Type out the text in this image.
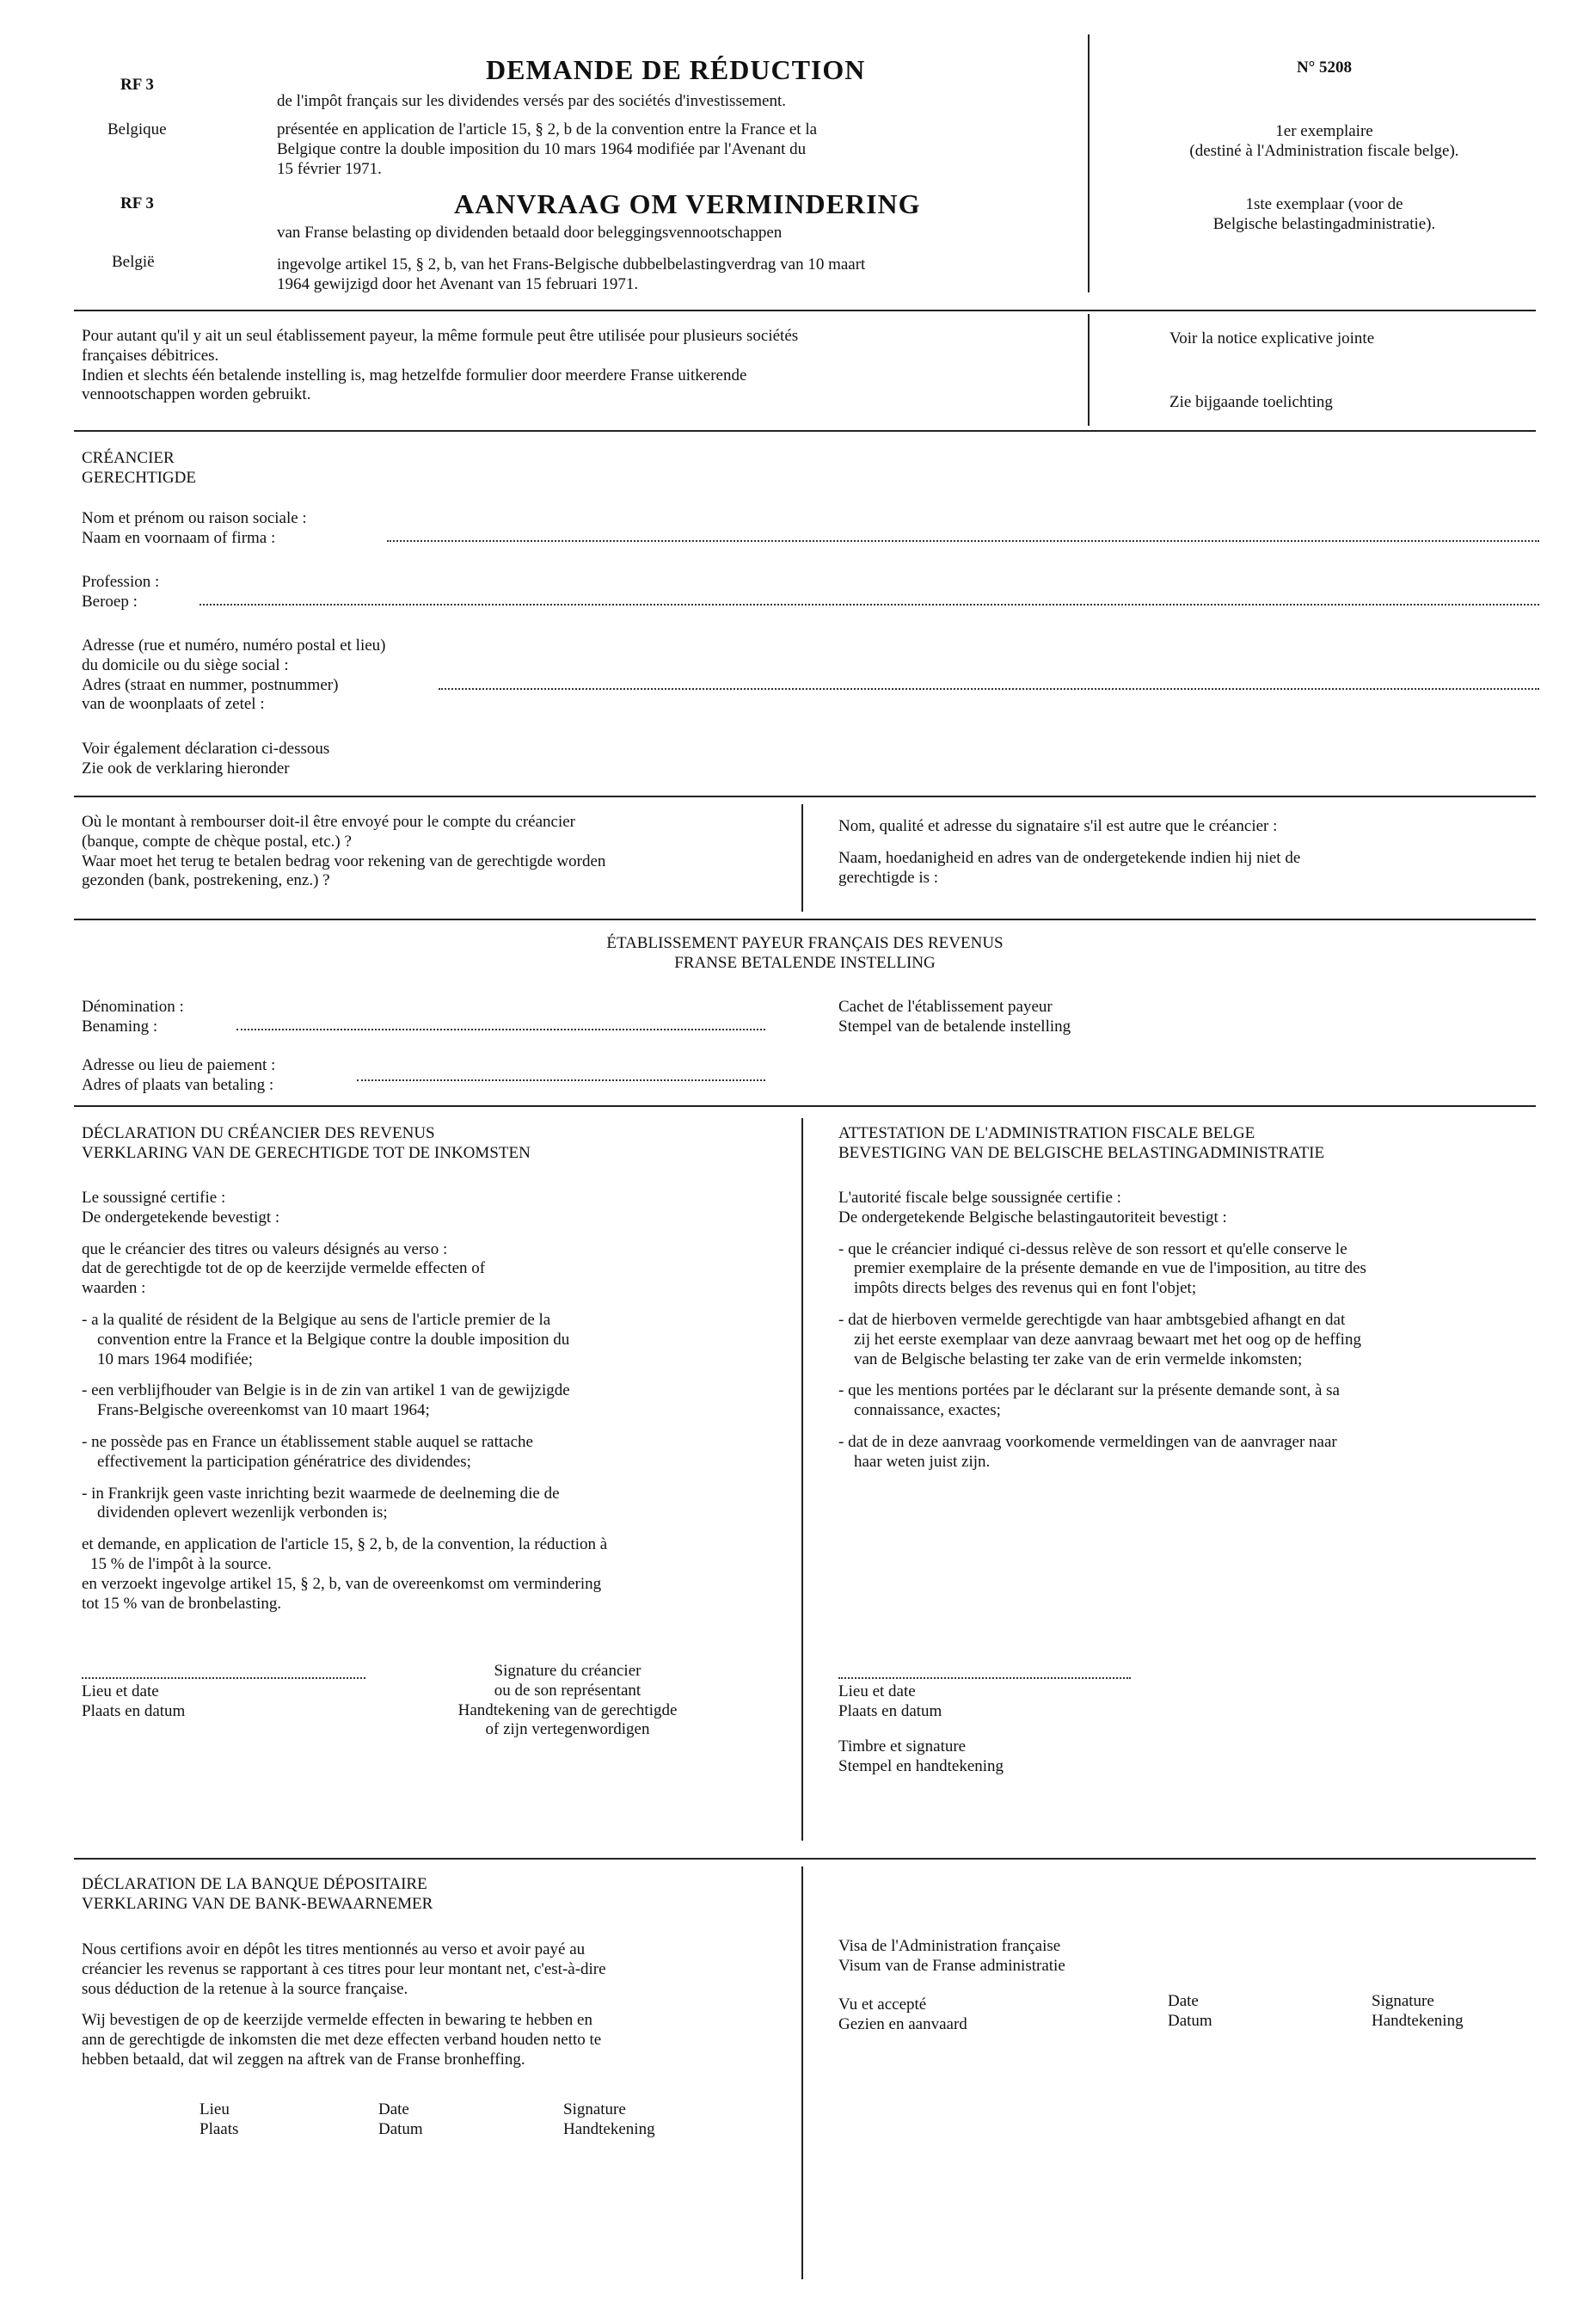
RF 3
Belgique
DEMANDE DE RÉDUCTION
de l'impôt français sur les dividendes versés par des sociétés d'investissement.
présentée en application de l'article 15, § 2, b de la convention entre la France et la
Belgique contre la double imposition du 10 mars 1964 modifiée par l'Avenant du
15 février 1971.
RF 3
België
AANVRAAG OM VERMINDERING
van Franse belasting op dividenden betaald door beleggingsvennootschappen
ingevolge artikel 15, § 2, b, van het Frans-Belgische dubbelbelastingverdrag van 10 maart
1964 gewijzigd door het Avenant van 15 februari 1971.
N° 5208
1er exemplaire
(destiné à l'Administration fiscale belge).
1ste exemplaar (voor de
Belgische belastingadministratie).
Pour autant qu'il y ait un seul établissement payeur, la même formule peut être utilisée pour plusieurs sociétés
françaises débitrices.
Indien et slechts één betalende instelling is, mag hetzelfde formulier door meerdere Franse uitkerende
vennootschappen worden gebruikt.
Voir la notice explicative jointe
Zie bijgaande toelichting
CRÉANCIER
GERECHTIGDE
Nom et prénom ou raison sociale :
Naam en voornaam of firma :
Profession :
Beroep :
Adresse (rue et numéro, numéro postal et lieu)
du domicile ou du siège social :
Adres (straat en nummer, postnummer)
van de woonplaats of zetel :
Voir également déclaration ci-dessous
Zie ook de verklaring hieronder
Où le montant à rembourser doit-il être envoyé pour le compte du créancier
(banque, compte de chèque postal, etc.) ?
Waar moet het terug te betalen bedrag voor rekening van de gerechtigde worden
gezonden (bank, postrekening, enz.) ?
Nom, qualité et adresse du signataire s'il est autre que le créancier :
Naam, hoedanigheid en adres van de ondergetekende indien hij niet de
gerechtigde is :
ÉTABLISSEMENT PAYEUR FRANÇAIS DES REVENUS
FRANSE BETALENDE INSTELLING
Dénomination :
Benaming :
Adresse ou lieu de paiement :
Adres of plaats van betaling :
Cachet de l'établissement payeur
Stempel van de betalende instelling
DÉCLARATION DU CRÉANCIER DES REVENUS
VERKLARING VAN DE GERECHTIGDE TOT DE INKOMSTEN
Le soussigné certifie :
De ondergetekende bevestigt :
que le créancier des titres ou valeurs désignés au verso :
dat de gerechtigde tot de op de keerzijde vermelde effecten of
waarden :
- a la qualité de résident de la Belgique au sens de l'article premier de la
convention entre la France et la Belgique contre la double imposition du
10 mars 1964 modifiée;
- een verblijfhouder van Belgie is in de zin van artikel 1 van de gewijzigde
Frans-Belgische overeenkomst van 10 maart 1964;
- ne possède pas en France un établissement stable auquel se rattache
effectivement la participation génératrice des dividendes;
- in Frankrijk geen vaste inrichting bezit waarmede de deelneming die de
dividenden oplevert wezenlijk verbonden is;
et demande, en application de l'article 15, § 2, b, de la convention, la réduction à
15 % de l'impôt à la source.
en verzoekt ingevolge artikel 15, § 2, b, van de overeenkomst om vermindering
tot 15 % van de bronbelasting.
Lieu et date
Plaats en datum
Signature du créancier
ou de son représentant
Handtekening van de gerechtigde
of zijn vertegenwordigen
ATTESTATION DE L'ADMINISTRATION FISCALE BELGE
BEVESTIGING VAN DE BELGISCHE BELASTINGADMINISTRATIE
L'autorité fiscale belge soussignée certifie :
De ondergetekende Belgische belastingautoriteit bevestigt :
- que le créancier indiqué ci-dessus relève de son ressort et qu'elle conserve le
premier exemplaire de la présente demande en vue de l'imposition, au titre des
impôts directs belges des revenus qui en font l'objet;
- dat de hierboven vermelde gerechtigde van haar ambtsgebied afhangt en dat
zij het eerste exemplaar van deze aanvraag bewaart met het oog op de heffing
van de Belgische belasting ter zake van de erin vermelde inkomsten;
- que les mentions portées par le déclarant sur la présente demande sont, à sa
connaissance, exactes;
- dat de in deze aanvraag voorkomende vermeldingen van de aanvrager naar
haar weten juist zijn.
Lieu et date
Plaats en datum
Timbre et signature
Stempel en handtekening
DÉCLARATION DE LA BANQUE DÉPOSITAIRE
VERKLARING VAN DE BANK-BEWAARNEMER
Nous certifions avoir en dépôt les titres mentionnés au verso et avoir payé au
créancier les revenus se rapportant à ces titres pour leur montant net, c'est-à-dire
sous déduction de la retenue à la source française.
Wij bevestigen de op de keerzijde vermelde effecten in bewaring te hebben en
ann de gerechtigde de inkomsten die met deze effecten verband houden netto te
hebben betaald, dat wil zeggen na aftrek van de Franse bronheffing.
Lieu
Plaats
Date
Datum
Signature
Handtekening
Visa de l'Administration française
Visum van de Franse administratie
Vu et accepté
Gezien en aanvaard
Date
Datum
Signature
Handtekening
